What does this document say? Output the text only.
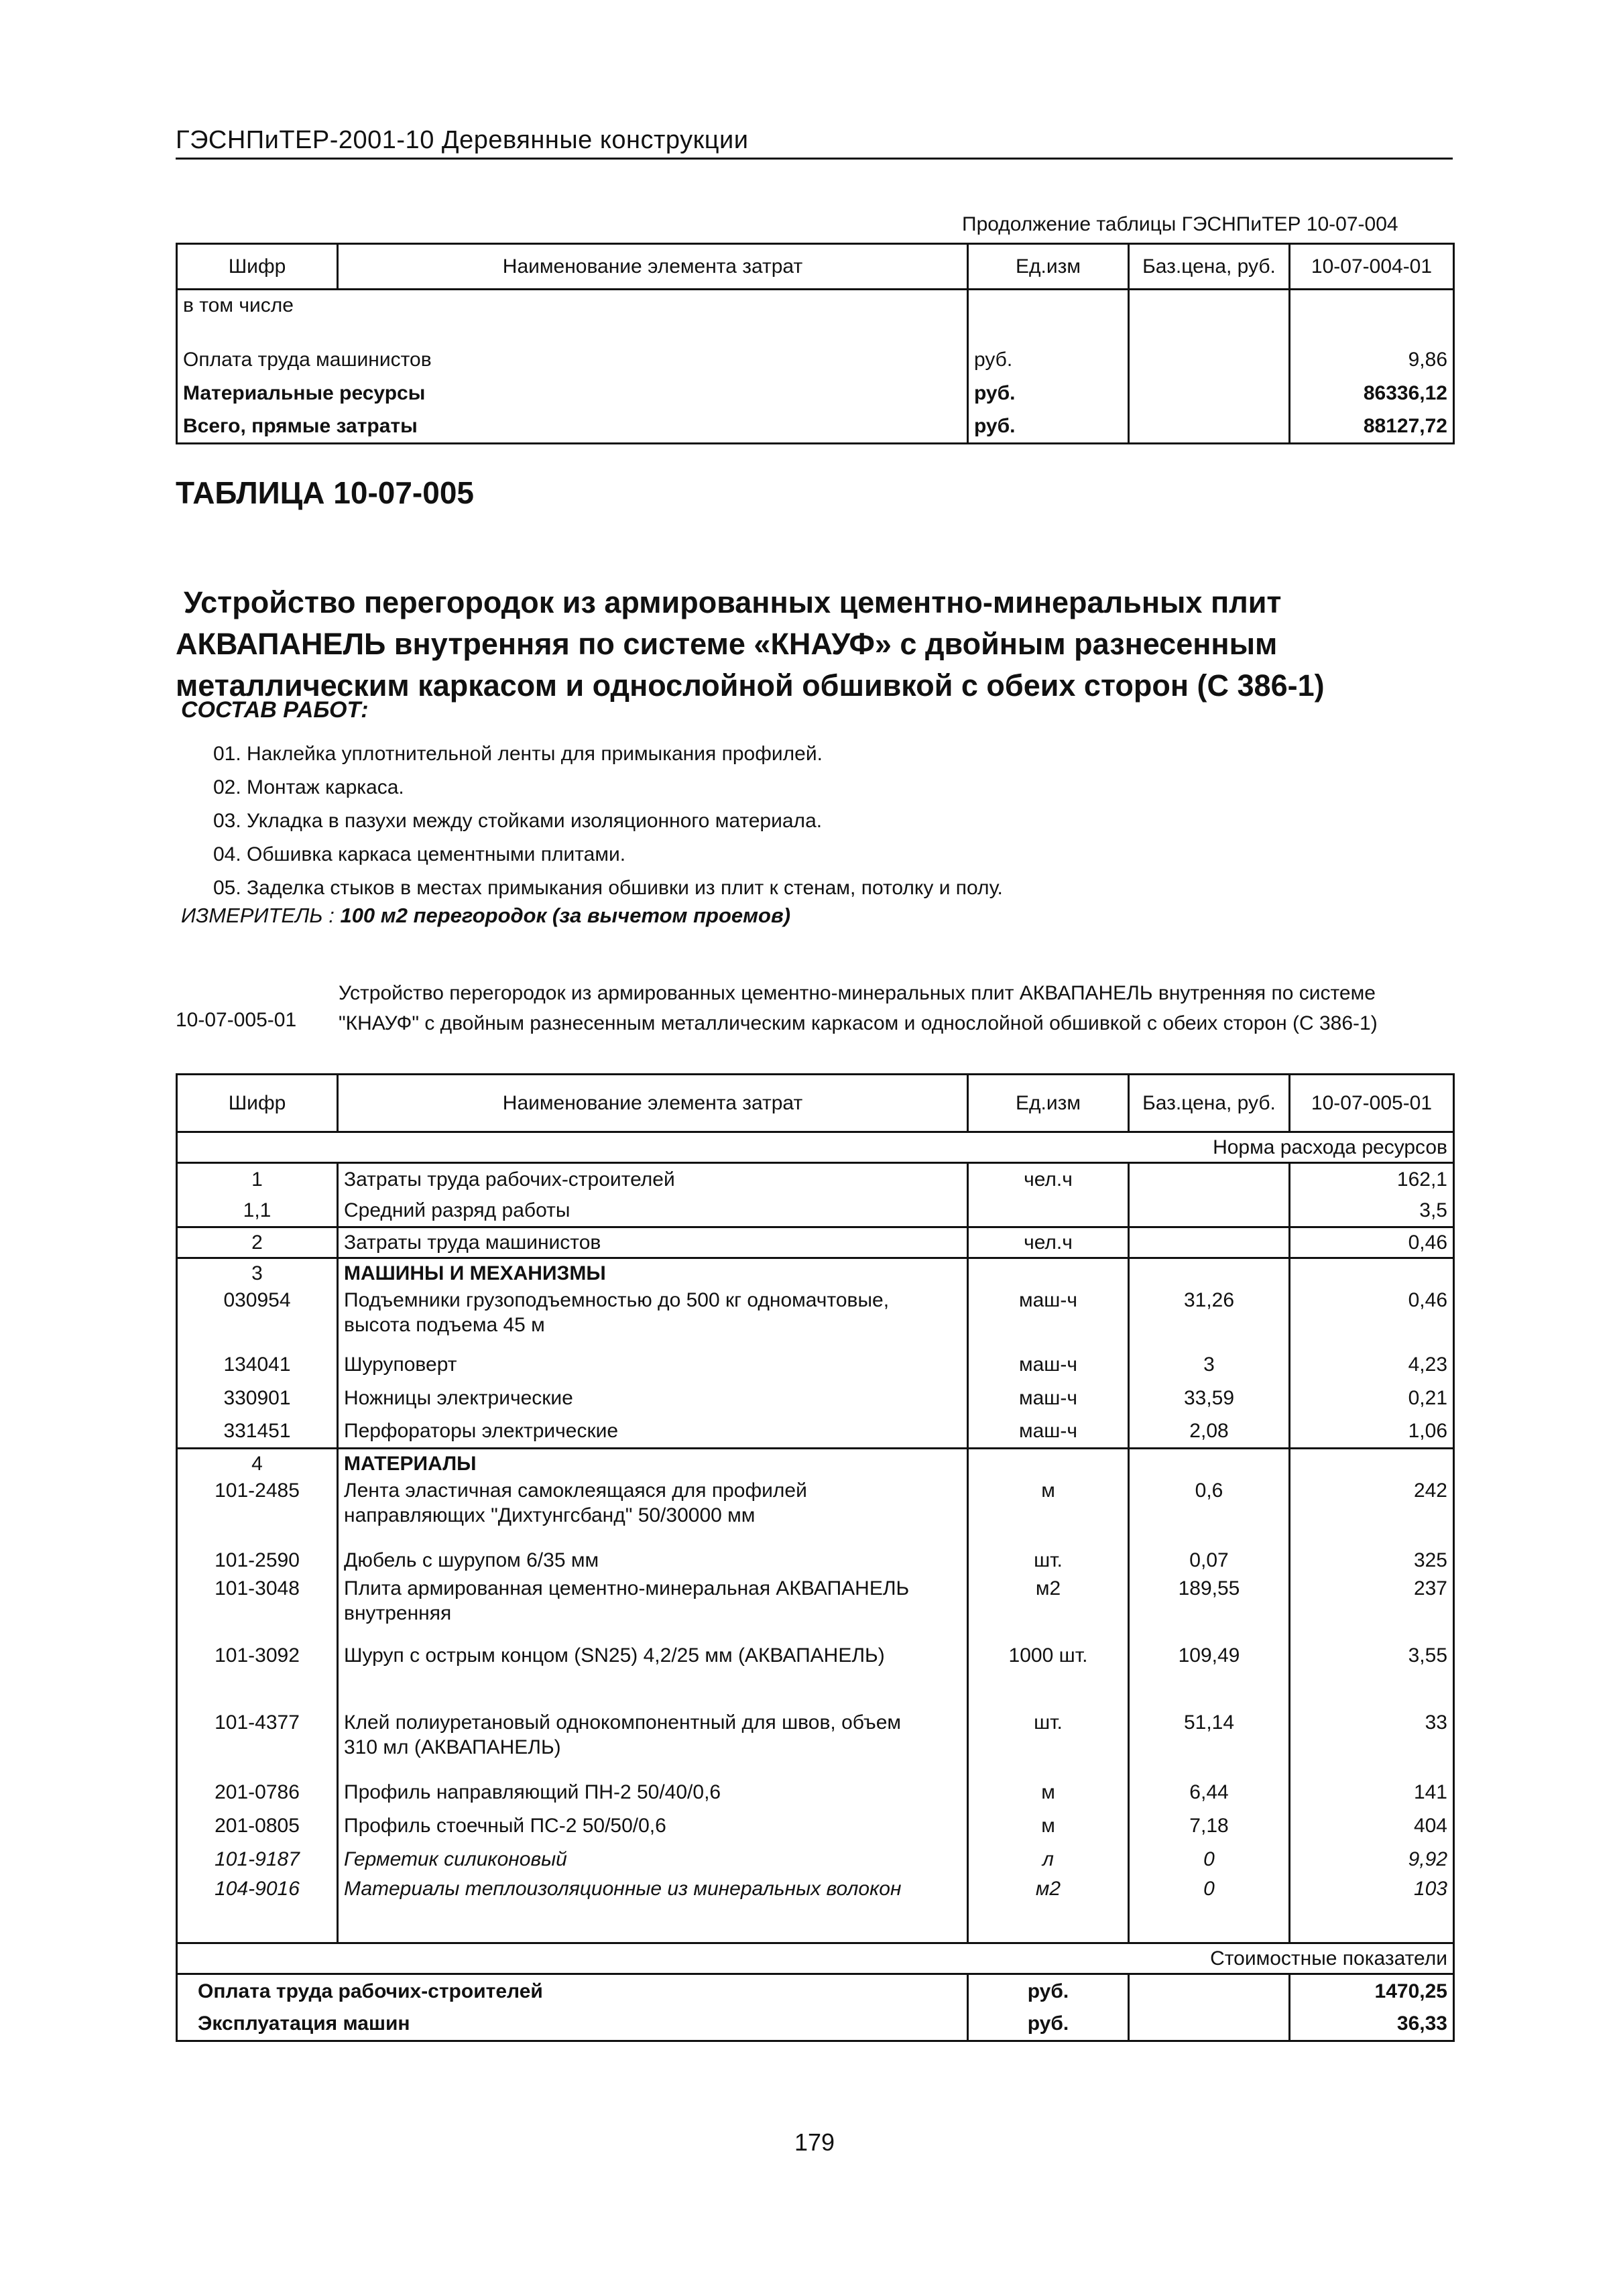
ГЭСНПиТЕР-2001-10 Деревянные конструкции
Продолжение таблицы ГЭСНПиТЕР 10-07-004
Шифр	Наименование элемента затрат	Ед.изм	Баз.цена, руб.	10-07-004-01
в том числе				
Оплата труда машинистов		руб.		9,86
Материальные ресурсы		руб.		86336,12
Всего, прямые затраты		руб.		88127,72
ТАБЛИЦА 10-07-005
Устройство перегородок из армированных цементно-минеральных плит
АКВАПАНЕЛЬ внутренняя по системе «КНАУФ» с двойным разнесенным
металлическим каркасом и однослойной обшивкой с обеих сторон (С 386-1)
СОСТАВ РАБОТ:
01. Наклейка уплотнительной ленты для примыкания профилей.
02. Монтаж каркаса.
03. Укладка в пазухи между стойками изоляционного материала.
04. Обшивка каркаса цементными плитами.
05. Заделка стыков в местах примыкания обшивки из плит к стенам, потолку и полу.
ИЗМЕРИТЕЛЬ : 100 м2 перегородок (за вычетом проемов)
10-07-005-01
Устройство перегородок из армированных цементно-минеральных плит АКВАПАНЕЛЬ внутренняя по системе
"КНАУФ" с двойным разнесенным металлическим каркасом и однослойной обшивкой с обеих сторон (С 386-1)
Шифр	Наименование элемента затрат	Ед.изм	Баз.цена, руб.	10-07-005-01
Норма расхода ресурсов				
1	Затраты труда рабочих-строителей	чел.ч		162,1
1,1	Средний разряд работы			3,5
2	Затраты труда машинистов	чел.ч		0,46
3	МАШИНЫ И МЕХАНИЗМЫ			
030954	Подъемники грузоподъемностью до 500 кг одномачтовые,
высота подъема 45 м	маш-ч	31,26	0,46
134041	Шуруповерт	маш-ч	3	4,23
330901	Ножницы электрические	маш-ч	33,59	0,21
331451	Перфораторы электрические	маш-ч	2,08	1,06
4	МАТЕРИАЛЫ			
101-2485	Лента эластичная самоклеящаяся для профилей
направляющих "Дихтунгсбанд" 50/30000 мм	м	0,6	242
101-2590	Дюбель с шурупом 6/35 мм	шт.	0,07	325
101-3048	Плита армированная цементно-минеральная АКВАПАНЕЛЬ
внутренняя	м2	189,55	237
101-3092	Шуруп с острым концом (SN25) 4,2/25 мм (АКВАПАНЕЛЬ)	1000 шт.	109,49	3,55
101-4377	Клей полиуретановый однокомпонентный для швов, объем
310 мл (АКВАПАНЕЛЬ)	шт.	51,14	33
201-0786	Профиль направляющий ПН-2 50/40/0,6	м	6,44	141
201-0805	Профиль стоечный ПС-2 50/50/0,6	м	7,18	404
101-9187	Герметик силиконовый	л	0	9,92
104-9016	Материалы теплоизоляционные из минеральных волокон	м2	0	103

Стоимостные показатели				
Оплата труда рабочих-строителей		руб.		1470,25
Эксплуатация машин		руб.		36,33
179
